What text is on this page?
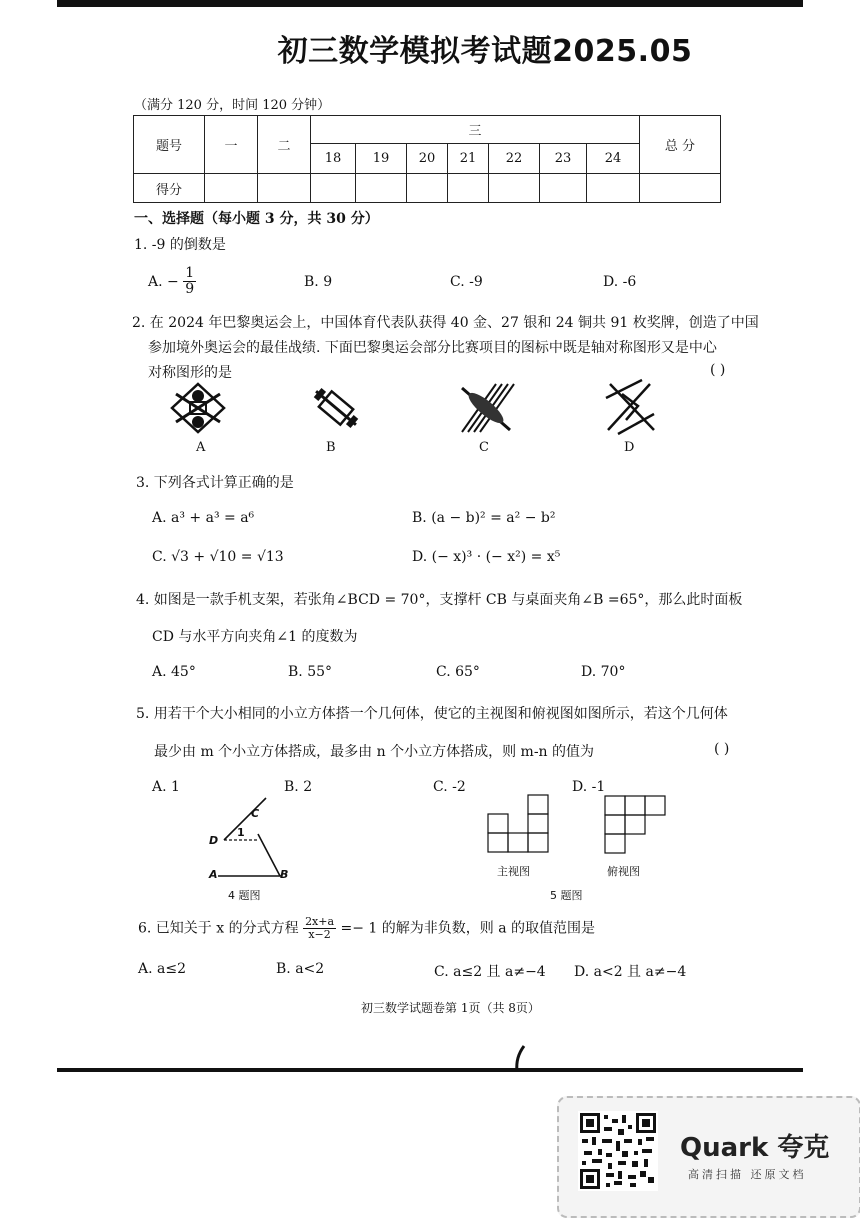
初三数学模拟考试题2025.05
（满分 120 分，时间 120 分钟）
题号	一	二	三							总 分
			18	19	20	21	22	23	24	
得分										
一、选择题（每小题 3 分，共 30 分）
1. -9 的倒数是
A. − $\frac{1}{9}$	B. 9	C. -9	D. -6
2. 在 2024 年巴黎奥运会上，中国体育代表队获得 40 金、27 银和 24 铜共 91 枚奖牌，创造了中国
参加境外奥运会的最佳战绩. 下面巴黎奥运会部分比赛项目的图标中既是轴对称图形又是中心
对称图形的是	( )
A	B	C	D
3. 下列各式计算正确的是
A. a³ + a³ = a⁶	B. (a − b)² = a² − b²
C. √3 + √10 = √13	D. (− x)³ · (− x²) = x⁵
4. 如图是一款手机支架，若张角∠BCD = 70°，支撑杆 CB 与桌面夹角∠B =65°，那么此时面板
CD 与水平方向夹角∠1 的度数为
A. 45°	B. 55°	C. 65°	D. 70°
5. 用若干个大小相同的小立方体搭一个几何体，使它的主视图和俯视图如图所示，若这个几何体
最少由 m 个小立方体搭成，最多由 n 个小立方体搭成，则 m-n 的值为	( )
A. 1	B. 2	C. -2	D. -1
A	B
C
D
1
4 题图
主视图	俯视图
5 题图
6. 已知关于 x 的分式方程 $\frac{2x+a}{x-2} =- 1$ 的解为非负数，则 a 的取值范围是
A. a≤2	B. a<2	C. a≤2 且 a≠−4 D. a<2 且 a≠−4
初三数学试题卷第 1页（共 8页）
Quark 夸克
高清扫描 还原文档
